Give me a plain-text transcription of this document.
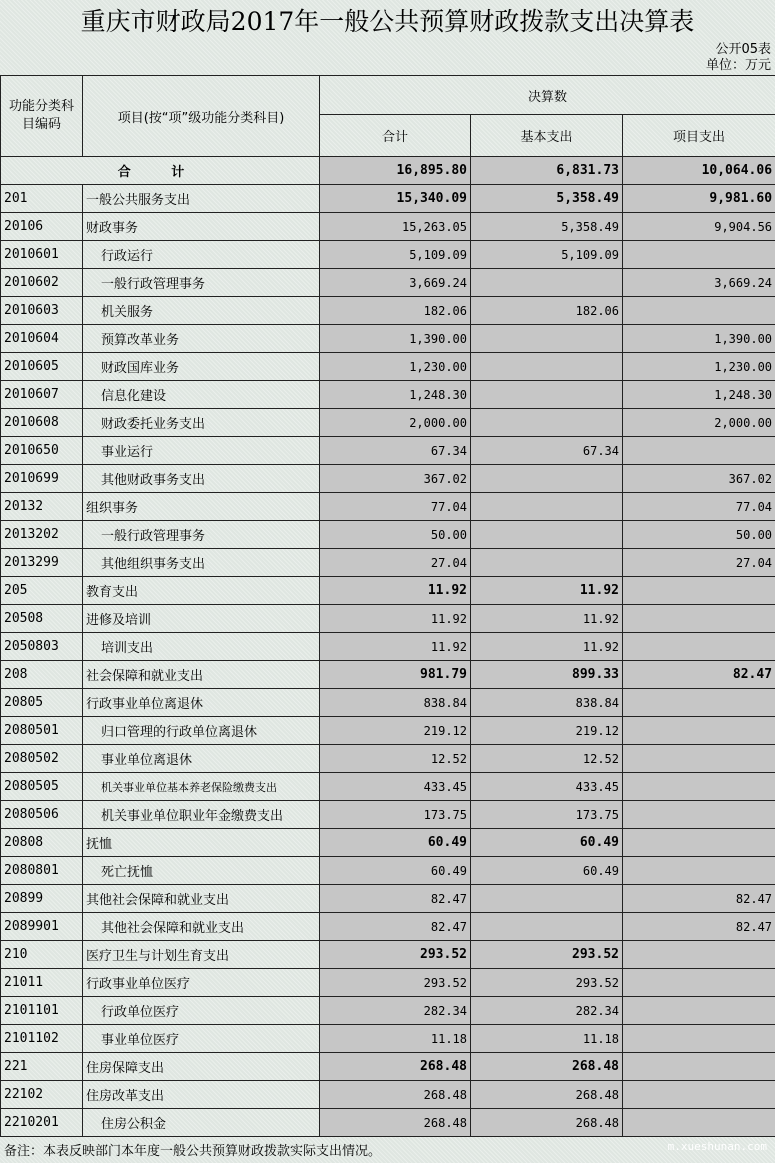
重庆市财政局2017年一般公共预算财政拨款支出决算表
公开05表
单位：万元
功能分类科目编码	项目(按“项”级功能分类科目)	决算数		
		合计	基本支出	项目支出
合 计		16,895.80	6,831.73	10,064.06
201	一般公共服务支出	15,340.09	5,358.49	9,981.60
20106	财政事务	15,263.05	5,358.49	9,904.56
2010601	行政运行	5,109.09	5,109.09	
2010602	一般行政管理事务	3,669.24		3,669.24
2010603	机关服务	182.06	182.06	
2010604	预算改革业务	1,390.00		1,390.00
2010605	财政国库业务	1,230.00		1,230.00
2010607	信息化建设	1,248.30		1,248.30
2010608	财政委托业务支出	2,000.00		2,000.00
2010650	事业运行	67.34	67.34	
2010699	其他财政事务支出	367.02		367.02
20132	组织事务	77.04		77.04
2013202	一般行政管理事务	50.00		50.00
2013299	其他组织事务支出	27.04		27.04
205	教育支出	11.92	11.92	
20508	进修及培训	11.92	11.92	
2050803	培训支出	11.92	11.92	
208	社会保障和就业支出	981.79	899.33	82.47
20805	行政事业单位离退休	838.84	838.84	
2080501	归口管理的行政单位离退休	219.12	219.12	
2080502	事业单位离退休	12.52	12.52	
2080505	机关事业单位基本养老保险缴费支出	433.45	433.45	
2080506	机关事业单位职业年金缴费支出	173.75	173.75	
20808	抚恤	60.49	60.49	
2080801	死亡抚恤	60.49	60.49	
20899	其他社会保障和就业支出	82.47		82.47
2089901	其他社会保障和就业支出	82.47		82.47
210	医疗卫生与计划生育支出	293.52	293.52	
21011	行政事业单位医疗	293.52	293.52	
2101101	行政单位医疗	282.34	282.34	
2101102	事业单位医疗	11.18	11.18	
221	住房保障支出	268.48	268.48	
22102	住房改革支出	268.48	268.48	
2210201	住房公积金	268.48	268.48	
备注：本表反映部门本年度一般公共预算财政拨款实际支出情况。	m.xueshunan.com
